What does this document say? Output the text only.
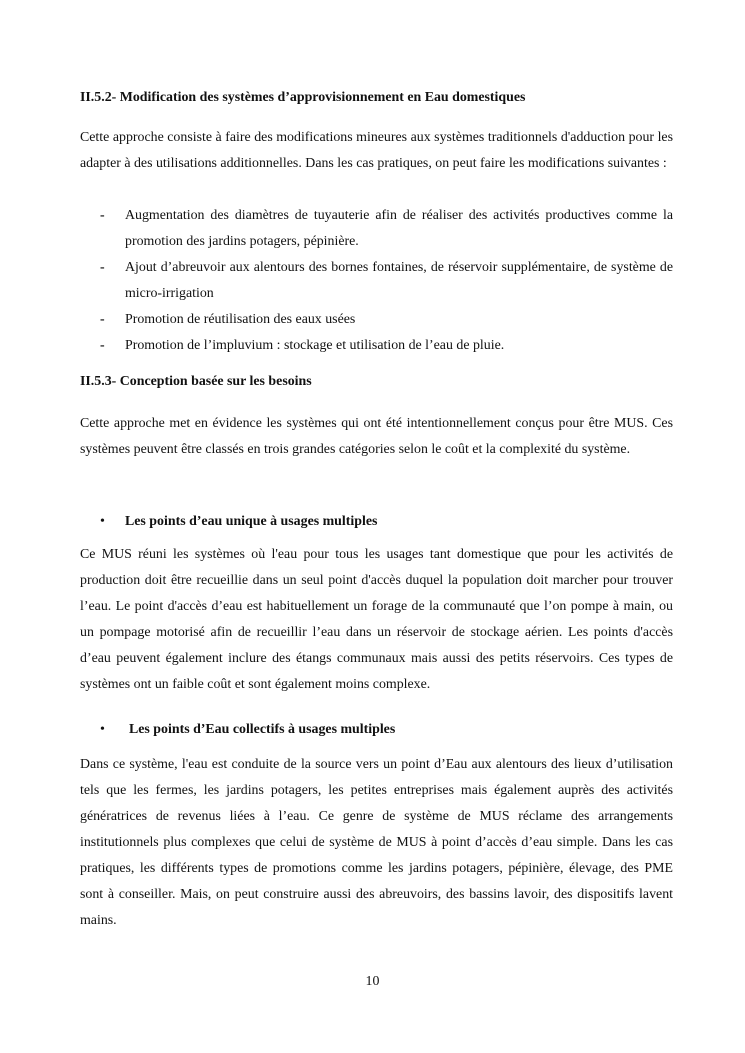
II.5.2- Modification des systèmes d’approvisionnement en Eau domestiques

Cette approche consiste à faire des modifications mineures aux systèmes traditionnels d'adduction pour les adapter à des utilisations additionnelles. Dans les cas pratiques, on peut faire les modifications suivantes :

- Augmentation des diamètres de tuyauterie afin de réaliser des activités productives comme la promotion des jardins potagers, pépinière.
- Ajout d’abreuvoir aux alentours des bornes fontaines, de réservoir supplémentaire, de système de micro-irrigation
- Promotion de réutilisation des eaux usées
- Promotion de l’impluvium : stockage et utilisation de l’eau de pluie.

II.5.3- Conception basée sur les besoins

Cette approche met en évidence les systèmes qui ont été intentionnellement conçus pour être MUS. Ces systèmes peuvent être classés en trois grandes catégories selon le coût et la complexité du système.

• Les points d’eau unique à usages multiples

Ce MUS réuni les systèmes où l'eau pour tous les usages tant domestique que pour les activités de production doit être recueillie dans un seul point d'accès duquel la population doit marcher pour trouver l’eau. Le point d'accès d’eau est habituellement un forage de la communauté que l’on pompe à main, ou un pompage motorisé afin de recueillir l’eau dans un réservoir de stockage aérien. Les points d'accès d’eau peuvent également inclure des étangs communaux mais aussi des petits réservoirs. Ces types de systèmes ont un faible coût et sont également moins complexe.

• Les points d’Eau collectifs à usages multiples

Dans ce système, l'eau est conduite de la source vers un point d’Eau aux alentours des lieux d’utilisation tels que les fermes, les jardins potagers, les petites entreprises mais également auprès des activités génératrices de revenus liées à l’eau. Ce genre de système de MUS réclame des arrangements institutionnels plus complexes que celui de système de MUS à point d’accès d’eau simple. Dans les cas pratiques, les différents types de promotions comme les jardins potagers, pépinière, élevage, des PME sont à conseiller. Mais, on peut construire aussi des abreuvoirs, des bassins lavoir, des dispositifs lavent mains.

10
